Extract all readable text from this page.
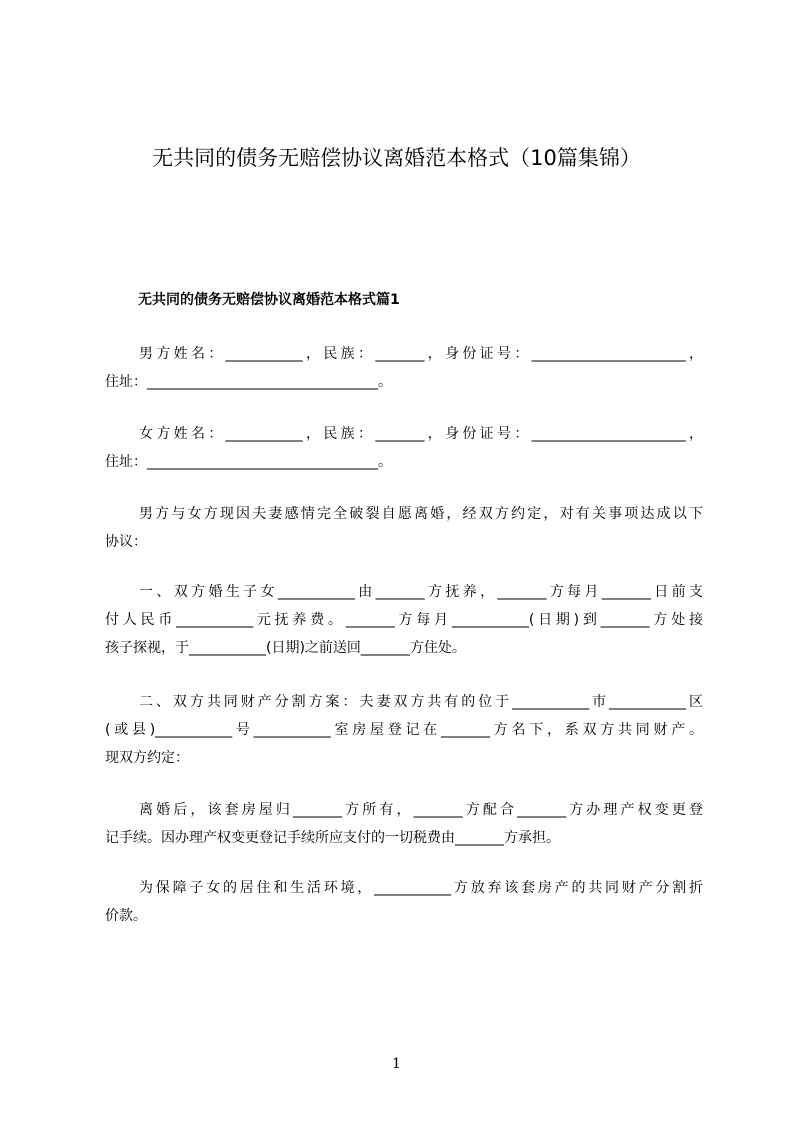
无共同的债务无赔偿协议离婚范本格式（10篇集锦）
无共同的债务无赔偿协议离婚范本格式篇1
男方姓名：___________，民族：_______，身份证号：______________________，
住址：_________________________________。
女方姓名：___________，民族：_______，身份证号：______________________，
住址：_________________________________。
男方与女方现因夫妻感情完全破裂自愿离婚，经双方约定，对有关事项达成以下
协议：
一、双方婚生子女___________由_______方抚养，_______方每月_______日前支
付人民币___________元抚养费。_______方每月___________(日期)到_______方处接
孩子探视，于___________(日期)之前送回_______方住处。
二、双方共同财产分割方案：夫妻双方共有的位于___________市___________区
(或县)___________号___________室房屋登记在_______方名下，系双方共同财产。
现双方约定：
离婚后，该套房屋归_______方所有，_______方配合_______方办理产权变更登
记手续。因办理产权变更登记手续所应支付的一切税费由_______方承担。
为保障子女的居住和生活环境，___________方放弃该套房产的共同财产分割折
价款。
1
